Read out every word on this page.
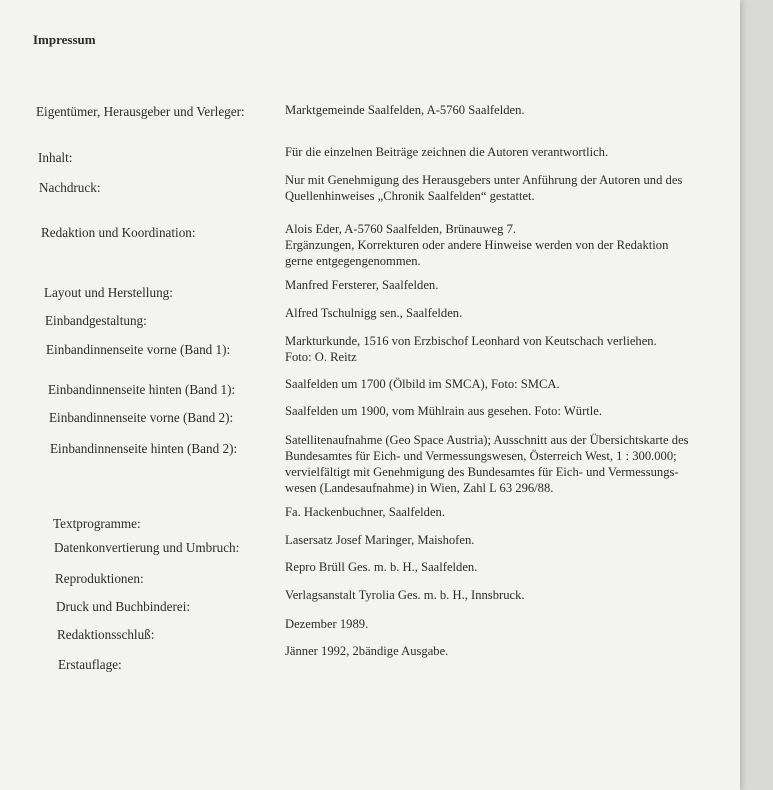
Impressum
Eigentümer, Herausgeber und Verleger:	Marktgemeinde Saalfelden, A-5760 Saalfelden.
Inhalt:	Für die einzelnen Beiträge zeichnen die Autoren verantwortlich.
Nachdruck:	Nur mit Genehmigung des Herausgebers unter Anführung der Autoren und des
Quellenhinweises „Chronik Saalfelden“ gestattet.
Redaktion und Koordination:	Alois Eder, A-5760 Saalfelden, Brünauweg 7.
Ergänzungen, Korrekturen oder andere Hinweise werden von der Redaktion
gerne entgegengenommen.
Layout und Herstellung:	Manfred Fersterer, Saalfelden.
Einbandgestaltung:	Alfred Tschulnigg sen., Saalfelden.
Einbandinnenseite vorne (Band 1):
Markturkunde, 1516 von Erzbischof Leonhard von Keutschach verliehen.
Foto: O. Reitz
Einbandinnenseite hinten (Band 1):	Saalfelden um 1700 (Ölbild im SMCA), Foto: SMCA.
Einbandinnenseite vorne (Band 2):	Saalfelden um 1900, vom Mühlrain aus gesehen. Foto: Würtle.
Einbandinnenseite hinten (Band 2):
Satellitenaufnahme (Geo Space Austria); Ausschnitt aus der Übersichtskarte des
Bundesamtes für Eich- und Vermessungswesen, Österreich West, 1 : 300.000;
vervielfältigt mit Genehmigung des Bundesamtes für Eich- und Vermessungs-
wesen (Landesaufnahme) in Wien, Zahl L 63 296/88.
Textprogramme:
Fa. Hackenbuchner, Saalfelden.
Datenkonvertierung und Umbruch:	Lasersatz Josef Maringer, Maishofen.
Reproduktionen:
Repro Brüll Ges. m. b. H., Saalfelden.
Druck und Buchbinderei:
Verlagsanstalt Tyrolia Ges. m. b. H., Innsbruck.
Redaktionsschluß:
Dezember 1989.
Erstauflage:
Jänner 1992, 2bändige Ausgabe.
